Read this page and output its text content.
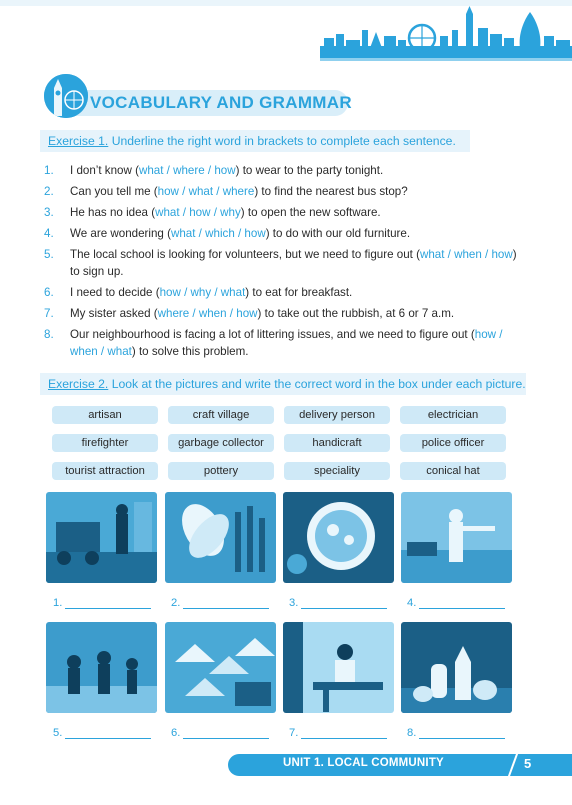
VOCABULARY AND GRAMMAR
Exercise 1. Underline the right word in brackets to complete each sentence.
1. I don’t know (what / where / how) to wear to the party tonight.
2. Can you tell me (how / what / where) to find the nearest bus stop?
3. He has no idea (what / how / why) to open the new software.
4. We are wondering (what / which / how) to do with our old furniture.
5. The local school is looking for volunteers, but we need to figure out (what / when / how) to sign up.
6. I need to decide (how / why / what) to eat for breakfast.
7. My sister asked (where / when / how) to take out the rubbish, at 6 or 7 a.m.
8. Our neighbourhood is facing a lot of littering issues, and we need to figure out (how / when / what) to solve this problem.
Exercise 2. Look at the pictures and write the correct word in the box under each picture.
artisan	craft village	delivery person	electrician
firefighter	garbage collector	handicraft	police officer
tourist attraction	pottery	speciality	conical hat
1.	2.	3.	4.
5.	6.	7.	8.
UNIT 1. LOCAL COMMUNITY	5
